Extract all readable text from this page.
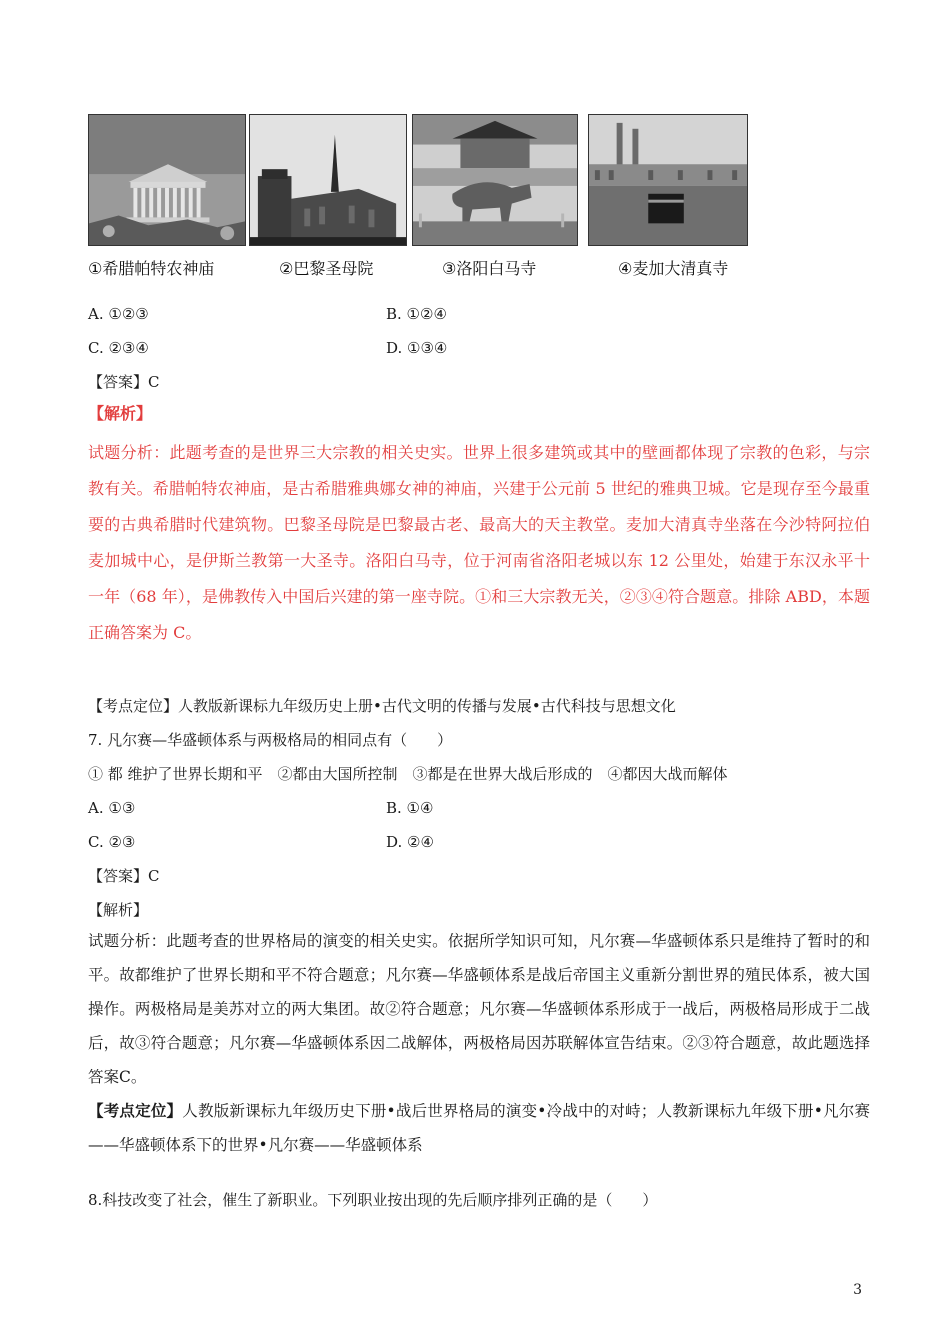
①希腊帕特农神庙	②巴黎圣母院	③洛阳白马寺	④麦加大清真寺
A. ①②③	B. ①②④
C. ②③④	D. ①③④
【答案】C
【解析】
试题分析：此题考查的是世界三大宗教的相关史实。世界上很多建筑或其中的壁画都体现了宗教的色彩，与宗教有关。希腊帕特农神庙，是古希腊雅典娜女神的神庙，兴建于公元前 5 世纪的雅典卫城。它是现存至今最重要的古典希腊时代建筑物。巴黎圣母院是巴黎最古老、最高大的天主教堂。麦加大清真寺坐落在今沙特阿拉伯麦加城中心，是伊斯兰教第一大圣寺。洛阳白马寺，位于河南省洛阳老城以东 12 公里处，始建于东汉永平十一年（68 年），是佛教传入中国后兴建的第一座寺院。①和三大宗教无关，②③④符合题意。排除 ABD，本题正确答案为 C。
【考点定位】人教版新课标九年级历史上册•古代文明的传播与发展•古代科技与思想文化
7. 凡尔赛—华盛顿体系与两极格局的相同点有（　　）
① 都 维护了世界长期和平　②都由大国所控制　③都是在世界大战后形成的　④都因大战而解体
A. ①③	B. ①④
C. ②③	D. ②④
【答案】C
【解析】
试题分析：此题考查的世界格局的演变的相关史实。依据所学知识可知，凡尔赛—华盛顿体系只是维持了暂时的和平。故都维护了世界长期和平不符合题意；凡尔赛—华盛顿体系是战后帝国主义重新分割世界的殖民体系，被大国操作。两极格局是美苏对立的两大集团。故②符合题意；凡尔赛—华盛顿体系形成于一战后，两极格局形成于二战后，故③符合题意；凡尔赛—华盛顿体系因二战解体，两极格局因苏联解体宣告结束。②③符合题意，故此题选择答案C。
【考点定位】人教版新课标九年级历史下册•战后世界格局的演变•冷战中的对峙；人教新课标九年级下册•凡尔赛——华盛顿体系下的世界•凡尔赛——华盛顿体系
8.科技改变了社会，催生了新职业。下列职业按出现的先后顺序排列正确的是（　　）
3
